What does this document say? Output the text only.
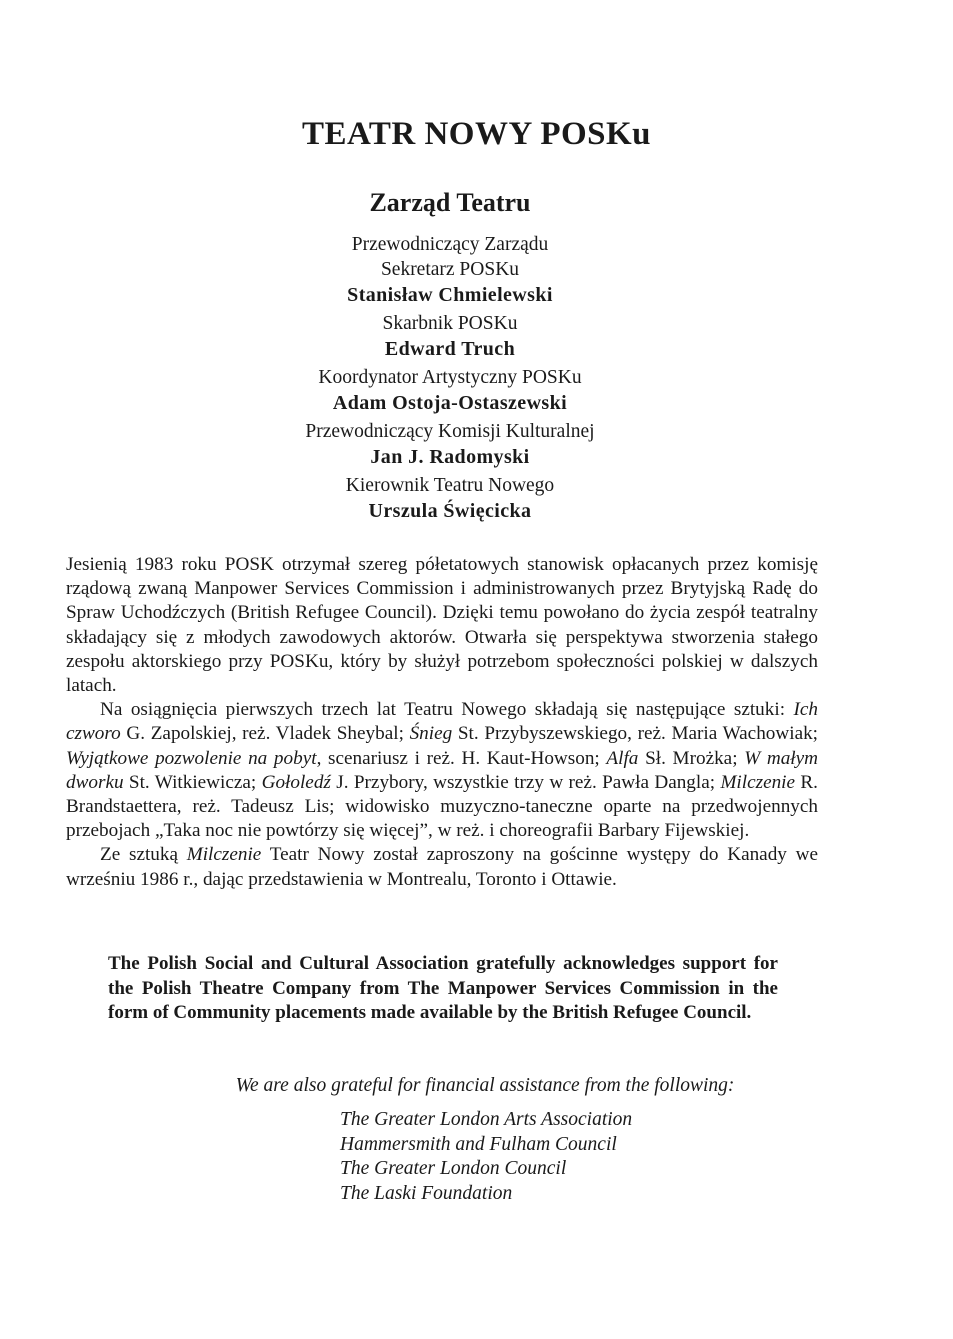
TEATR NOWY POSKu
Zarząd Teatru
Przewodniczący Zarządu
Sekretarz POSKu
Stanisław Chmielewski
Skarbnik POSKu
Edward Truch
Koordynator Artystyczny POSKu
Adam Ostoja-Ostaszewski
Przewodniczący Komisji Kulturalnej
Jan J. Radomyski
Kierownik Teatru Nowego
Urszula Święcicka

Jesienią 1983 roku POSK otrzymał szereg półetatowych stanowisk opłacanych przez komisję rządową zwaną Manpower Services Commission i administrowanych przez Brytyjską Radę do Spraw Uchodźczych (British Refugee Council). Dzięki temu powołano do życia zespół teatralny składający się z młodych zawodowych aktorów. Otwarła się perspektywa stworzenia stałego zespołu aktorskiego przy POSKu, który by służył potrzebom społeczności polskiej w dalszych latach.

Na osiągnięcia pierwszych trzech lat Teatru Nowego składają się następujące sztuki: Ich czworo G. Zapolskiej, reż. Vladek Sheybal; Śnieg St. Przybyszewskiego, reż. Maria Wachowiak; Wyjątkowe pozwolenie na pobyt, scenariusz i reż. H. Kaut-Howson; Alfa Sł. Mrożka; W małym dworku St. Witkiewicza; Gołoledź J. Przybory, wszystkie trzy w reż. Pawła Dangla; Milczenie R. Brandstaettera, reż. Tadeusz Lis; widowisko muzyczno-taneczne oparte na przedwojennych przebojach „Taka noc nie powtórzy się więcej”, w reż. i choreografii Barbary Fijewskiej.

Ze sztuką Milczenie Teatr Nowy został zaproszony na gościnne występy do Kanady we wrześniu 1986 r., dając przedstawienia w Montrealu, Toronto i Ottawie.

The Polish Social and Cultural Association gratefully acknowledges support for the Polish Theatre Company from The Manpower Services Commission in the form of Community placements made available by the British Refugee Council.

We are also grateful for financial assistance from the following:

The Greater London Arts Association
Hammersmith and Fulham Council
The Greater London Council
The Laski Foundation
